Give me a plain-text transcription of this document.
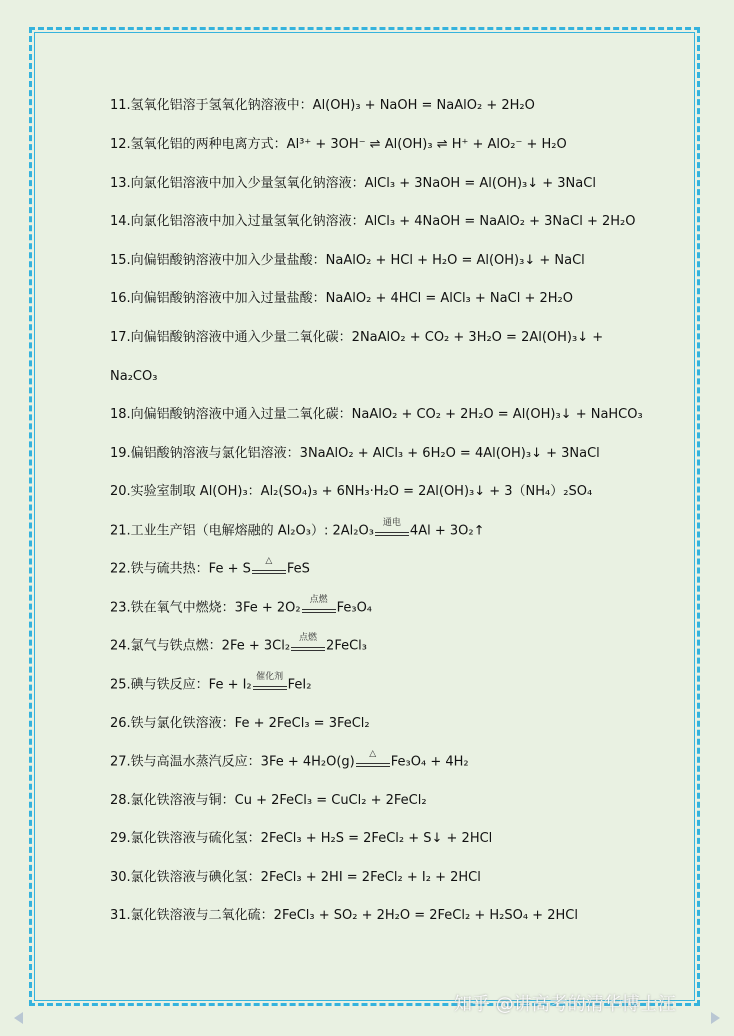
11.氢氧化铝溶于氢氧化钠溶液中：Al(OH)₃ + NaOH = NaAlO₂ + 2H₂O
12.氢氧化铝的两种电离方式：Al³⁺ + 3OH⁻ ⇌ Al(OH)₃ ⇌ H⁺ + AlO₂⁻ + H₂O
13.向氯化铝溶液中加入少量氢氧化钠溶液：AlCl₃ + 3NaOH = Al(OH)₃↓ + 3NaCl
14.向氯化铝溶液中加入过量氢氧化钠溶液：AlCl₃ + 4NaOH = NaAlO₂ + 3NaCl + 2H₂O
15.向偏铝酸钠溶液中加入少量盐酸：NaAlO₂ + HCl + H₂O = Al(OH)₃↓ + NaCl
16.向偏铝酸钠溶液中加入过量盐酸：NaAlO₂ + 4HCl = AlCl₃ + NaCl + 2H₂O
17.向偏铝酸钠溶液中通入少量二氧化碳：2NaAlO₂ + CO₂ + 3H₂O = 2Al(OH)₃↓ +
Na₂CO₃
18.向偏铝酸钠溶液中通入过量二氧化碳：NaAlO₂ + CO₂ + 2H₂O = Al(OH)₃↓ + NaHCO₃
19.偏铝酸钠溶液与氯化铝溶液：3NaAlO₂ + AlCl₃ + 6H₂O = 4Al(OH)₃↓ + 3NaCl
20.实验室制取 Al(OH)₃：Al₂(SO₄)₃ + 6NH₃·H₂O = 2Al(OH)₃↓ + 3（NH₄）₂SO₄
21.工业生产铝（电解熔融的 Al₂O₃）: 2Al₂O₃
通电
4Al + 3O₂↑
22.铁与硫共热：Fe + S
△
FeS
23.铁在氧气中燃烧：3Fe + 2O₂
点燃
Fe₃O₄
24.氯气与铁点燃：2Fe + 3Cl₂
点燃
2FeCl₃
25.碘与铁反应：Fe + I₂
催化剂
FeI₂
26.铁与氯化铁溶液：Fe + 2FeCl₃ = 3FeCl₂
27.铁与高温水蒸汽反应：3Fe + 4H₂O(g)
△
Fe₃O₄ + 4H₂
28.氯化铁溶液与铜：Cu + 2FeCl₃ = CuCl₂ + 2FeCl₂
29.氯化铁溶液与硫化氢：2FeCl₃ + H₂S = 2FeCl₂ + S↓ + 2HCl
30.氯化铁溶液与碘化氢：2FeCl₃ + 2HI = 2FeCl₂ + I₂ + 2HCl
31.氯化铁溶液与二氧化硫：2FeCl₃ + SO₂ + 2H₂O = 2FeCl₂ + H₂SO₄ + 2HCl
知乎 @讲高考的清华博士汪
